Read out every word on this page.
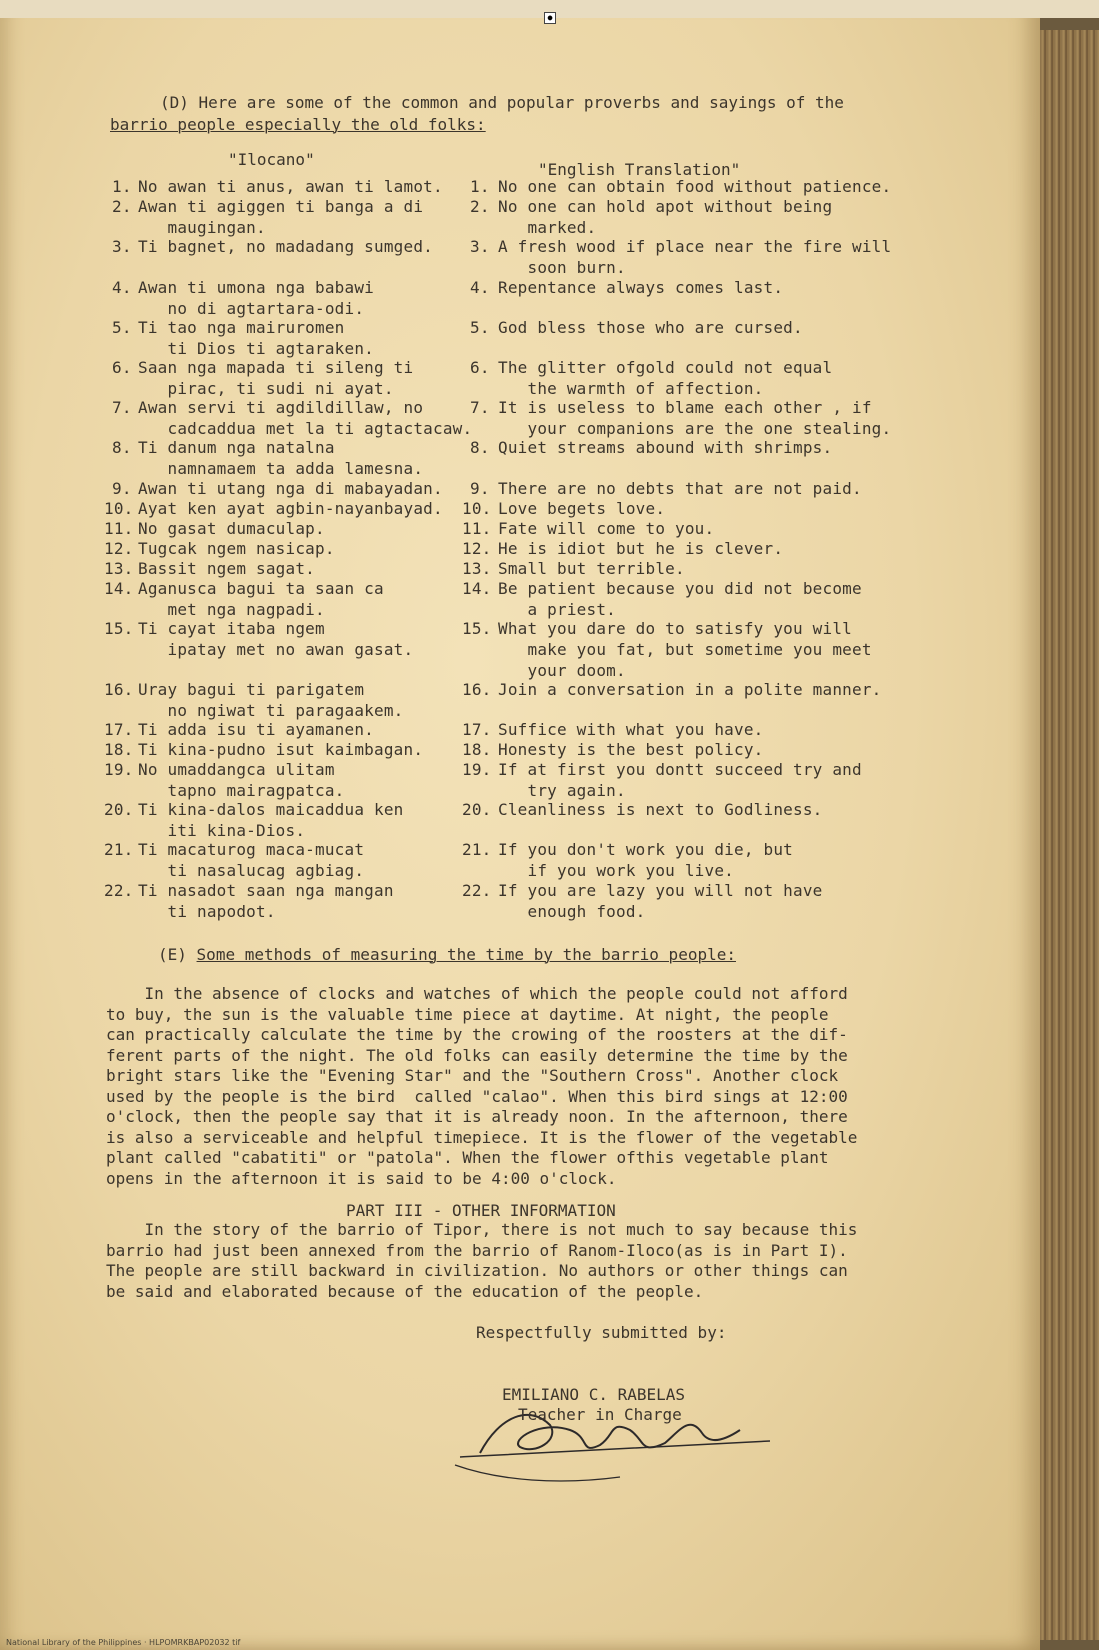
●
(D) Here are some of the common and popular proverbs and sayings of the
barrio people especially the old folks:
"Ilocano"
"English Translation"
1. No awan ti anus, awan ti lamot. 1. No one can obtain food without patience.
2. Awan ti agiggen ti banga a di
maugingan.
2. No one can hold apot without being
marked.
3. Ti bagnet, no madadang sumged. 3. A fresh wood if place near the fire will
soon burn.
4. Awan ti umona nga babawi
no di agtartara-odi.
4. Repentance always comes last.
5. Ti tao nga mairuromen
ti Dios ti agtaraken.
5. God bless those who are cursed.
6. Saan nga mapada ti sileng ti
pirac, ti sudi ni ayat.
6. The glitter ofgold could not equal
the warmth of affection.
7. Awan servi ti agdildillaw, no
cadcaddua met la ti agtactacaw.
7. It is useless to blame each other , if
your companions are the one stealing.
8. Ti danum nga natalna
namnamaem ta adda lamesna.
8. Quiet streams abound with shrimps.
9. Awan ti utang nga di mabayadan. 9. There are no debts that are not paid.
10. Ayat ken ayat agbin-nayanbayad. 10. Love begets love.
11. No gasat dumaculap.	11. Fate will come to you.
12. Tugcak ngem nasicap.	12. He is idiot but he is clever.
13. Bassit ngem sagat.	13. Small but terrible.
14. Aganusca bagui ta saan ca
met nga nagpadi.
14. Be patient because you did not become
a priest.
15. Ti cayat itaba ngem
ipatay met no awan gasat.
15. What you dare do to satisfy you will
make you fat, but sometime you meet
your doom.
16. Uray bagui ti parigatem
no ngiwat ti paragaakem.
16. Join a conversation in a polite manner.
17. Ti adda isu ti ayamanen.	17. Suffice with what you have.
18. Ti kina-pudno isut kaimbagan. 18. Honesty is the best policy.
19. No umaddangca ulitam
tapno mairagpatca.
19. If at first you dontt succeed try and
try again.
20. Ti kina-dalos maicaddua ken
iti kina-Dios.
20. Cleanliness is next to Godliness.
21. Ti macaturog maca-mucat
ti nasalucag agbiag.
21. If you don't work you die, but
if you work you live.
22. Ti nasadot saan nga mangan
ti napodot.
22. If you are lazy you will not have
enough food.
(E) Some methods of measuring the time by the barrio people:
In the absence of clocks and watches of which the people could not afford
to buy, the sun is the valuable time piece at daytime. At night, the people
can practically calculate the time by the crowing of the roosters at the dif-
ferent parts of the night. The old folks can easily determine the time by the
bright stars like the "Evening Star" and the "Southern Cross". Another clock
used by the people is the bird  called "calao". When this bird sings at 12:00
o'clock, then the people say that it is already noon. In the afternoon, there
is also a serviceable and helpful timepiece. It is the flower of the vegetable
plant called "cabatiti" or "patola". When the flower ofthis vegetable plant
opens in the afternoon it is said to be 4:00 o'clock.
PART III - OTHER INFORMATION
In the story of the barrio of Tipor, there is not much to say because this
barrio had just been annexed from the barrio of Ranom-Iloco(as is in Part I).
The people are still backward in civilization. No authors or other things can
be said and elaborated because of the education of the people.
Respectfully submitted by:
EMILIANO C. RABELAS
Teacher in Charge
National Library of the Philippines · HLPOMRKBAP02032 tif
